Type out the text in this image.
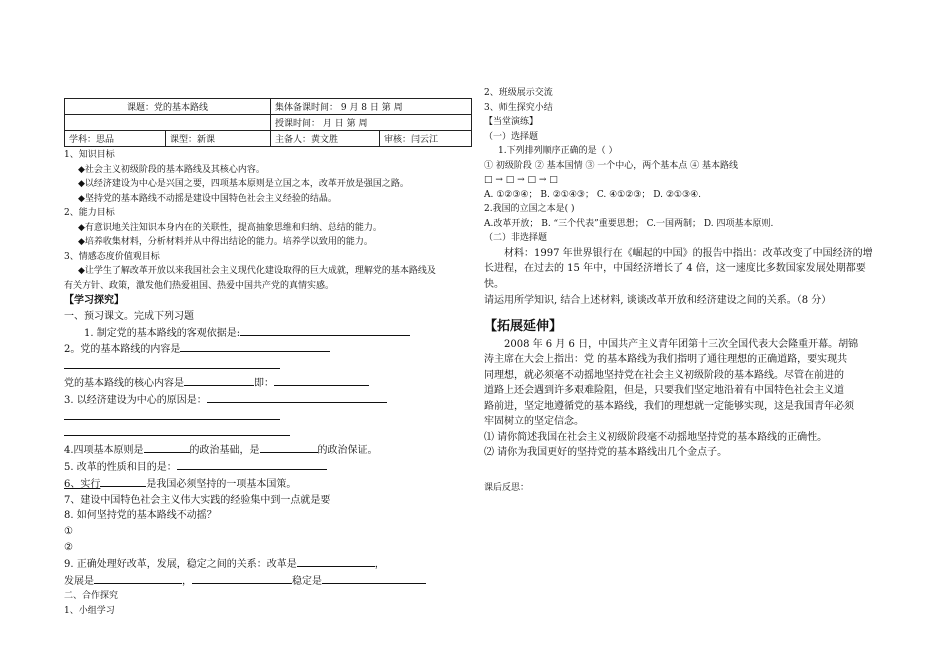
课题：党的基本路线		集体备课时间： 9 月 8 日 第 周	
		授课时间： 月 日 第 周	
学科：思品	课型：新课	主备人：黄文胜	审核：闫云江
1、知识目标
◆社会主义初级阶段的基本路线及其核心内容。
◆以经济建设为中心是兴国之要，四项基本原则是立国之本，改革开放是强国之路。
◆坚持党的基本路线不动摇是建设中国特色社会主义经验的结晶。
2、能力目标
◆有意识地关注知识本身内在的关联性，提高抽象思维和归纳、总结的能力。
◆培养收集材料，分析材料并从中得出结论的能力。培养学以致用的能力。
3、情感态度价值观目标
◆让学生了解改革开放以来我国社会主义现代化建设取得的巨大成就，理解党的基本路线及
有关方针、政策，激发他们热爱祖国、热爱中国共产党的真情实感。
【学习探究】
一、预习课文。完成下列习题
1. 制定党的基本路线的客观依据是:
2。党的基本路线的内容是
党的基本路线的核心内容是	即：
3. 以经济建设为中心的原因是：
4.四项基本原则是	的政治基础，是	的政治保证。
5. 改革的性质和目的是：
6、实行	是我国必须坚持的一项基本国策。
7、建设中国特色社会主义伟大实践的经验集中到一点就是要
8. 如何坚持党的基本路线不动摇？
①
②
9. 正确处理好改革，发展，稳定之间的关系：改革是	，
发展是	，	稳定是
二、合作探究
1、小组学习
2、班级展示交流
3、师生探究小结
【当堂演练】
（一）选择题
1.下列排列顺序正确的是（ ）
① 初级阶段 ② 基本国情 ③ 一个中心，两个基本点 ④ 基本路线
□ → □ → □ → □
A. ①②③④； B. ②①④③； C. ④①②③； D. ②①③④.
2.我国的立国之本是( )
A.改革开放； B. “三个代表”重要思想； C.一国两制； D. 四项基本原则.
（二）非选择题
材料：1997 年世界银行在《崛起的中国》的报告中指出：改革改变了中国经济的增
长进程，在过去的 15 年中，中国经济增长了 4 倍，这一速度比多数国家发展处期都要
快。
请运用所学知识, 结合上述材料, 谈谈改革开放和经济建设之间的关系。（8 分）
【拓展延伸】
2008 年 6 月 6 日，中国共产主义青年团第十三次全国代表大会隆重开幕。胡锦
涛主席在大会上指出：党 的基本路线为我们指明了通往理想的正确道路，要实现共
同理想，就必须毫不动摇地坚持党在社会主义初级阶段的基本路线。尽管在前进的
道路上还会遇到许多艰难险阻，但是，只要我们坚定地沿着有中国特色社会主义道
路前进，坚定地遵循党的基本路线，我们的理想就一定能够实现，这是我国青年必须
牢固树立的坚定信念。
⑴ 请你简述我国在社会主义初级阶段毫不动摇地坚持党的基本路线的正确性。
⑵ 请你为我国更好的坚持党的基本路线出几个金点子。
课后反思：
